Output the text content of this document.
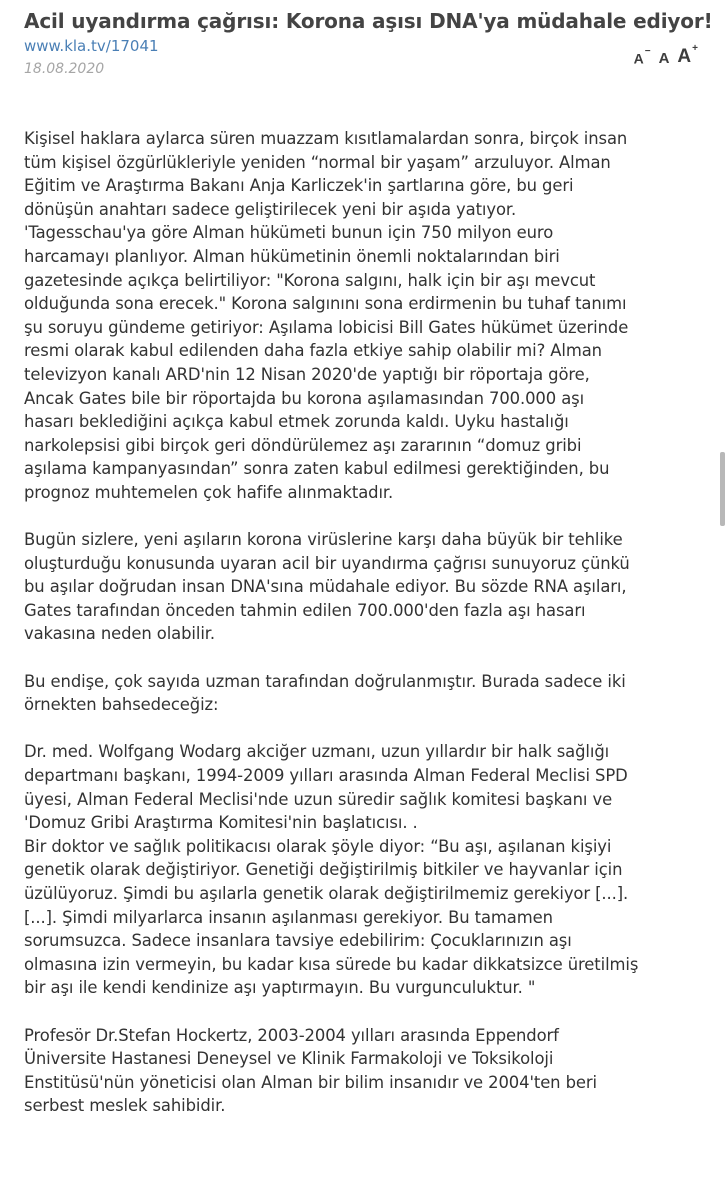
Acil uyandırma çağrısı: Korona aşısı DNA'ya müdahale ediyor!
www.kla.tv/17041
18.08.2020
A− A A+

Kişisel haklara aylarca süren muazzam kısıtlamalardan sonra, birçok insan
tüm kişisel özgürlükleriyle yeniden “normal bir yaşam” arzuluyor. Alman
Eğitim ve Araştırma Bakanı Anja Karliczek'in şartlarına göre, bu geri
dönüşün anahtarı sadece geliştirilecek yeni bir aşıda yatıyor.
'Tagesschau'ya göre Alman hükümeti bunun için 750 milyon euro
harcamayı planlıyor. Alman hükümetinin önemli noktalarından biri
gazetesinde açıkça belirtiliyor: "Korona salgını, halk için bir aşı mevcut
olduğunda sona erecek." Korona salgınını sona erdirmenin bu tuhaf tanımı
şu soruyu gündeme getiriyor: Aşılama lobicisi Bill Gates hükümet üzerinde
resmi olarak kabul edilenden daha fazla etkiye sahip olabilir mi? Alman
televizyon kanalı ARD'nin 12 Nisan 2020'de yaptığı bir röportaja göre,
Ancak Gates bile bir röportajda bu korona aşılamasından 700.000 aşı
hasarı beklediğini açıkça kabul etmek zorunda kaldı. Uyku hastalığı
narkolepsisi gibi birçok geri döndürülemez aşı zararının “domuz gribi
aşılama kampanyasından” sonra zaten kabul edilmesi gerektiğinden, bu
prognoz muhtemelen çok hafife alınmaktadır.

Bugün sizlere, yeni aşıların korona virüslerine karşı daha büyük bir tehlike
oluşturduğu konusunda uyaran acil bir uyandırma çağrısı sunuyoruz çünkü
bu aşılar doğrudan insan DNA'sına müdahale ediyor. Bu sözde RNA aşıları,
Gates tarafından önceden tahmin edilen 700.000'den fazla aşı hasarı
vakasına neden olabilir.

Bu endişe, çok sayıda uzman tarafından doğrulanmıştır. Burada sadece iki
örnekten bahsedeceğiz:

Dr. med. Wolfgang Wodarg akciğer uzmanı, uzun yıllardır bir halk sağlığı
departmanı başkanı, 1994-2009 yılları arasında Alman Federal Meclisi SPD
üyesi, Alman Federal Meclisi'nde uzun süredir sağlık komitesi başkanı ve
'Domuz Gribi Araştırma Komitesi'nin başlatıcısı. .
Bir doktor ve sağlık politikacısı olarak şöyle diyor: “Bu aşı, aşılanan kişiyi
genetik olarak değiştiriyor. Genetiği değiştirilmiş bitkiler ve hayvanlar için
üzülüyoruz. Şimdi bu aşılarla genetik olarak değiştirilmemiz gerekiyor [...].
[...]. Şimdi milyarlarca insanın aşılanması gerekiyor. Bu tamamen
sorumsuzca. Sadece insanlara tavsiye edebilirim: Çocuklarınızın aşı
olmasına izin vermeyin, bu kadar kısa sürede bu kadar dikkatsizce üretilmiş
bir aşı ile kendi kendinize aşı yaptırmayın. Bu vurgunculuktur. "

Profesör Dr.Stefan Hockertz, 2003-2004 yılları arasında Eppendorf
Üniversite Hastanesi Deneysel ve Klinik Farmakoloji ve Toksikoloji
Enstitüsü'nün yöneticisi olan Alman bir bilim insanıdır ve 2004'ten beri
serbest meslek sahibidir.
